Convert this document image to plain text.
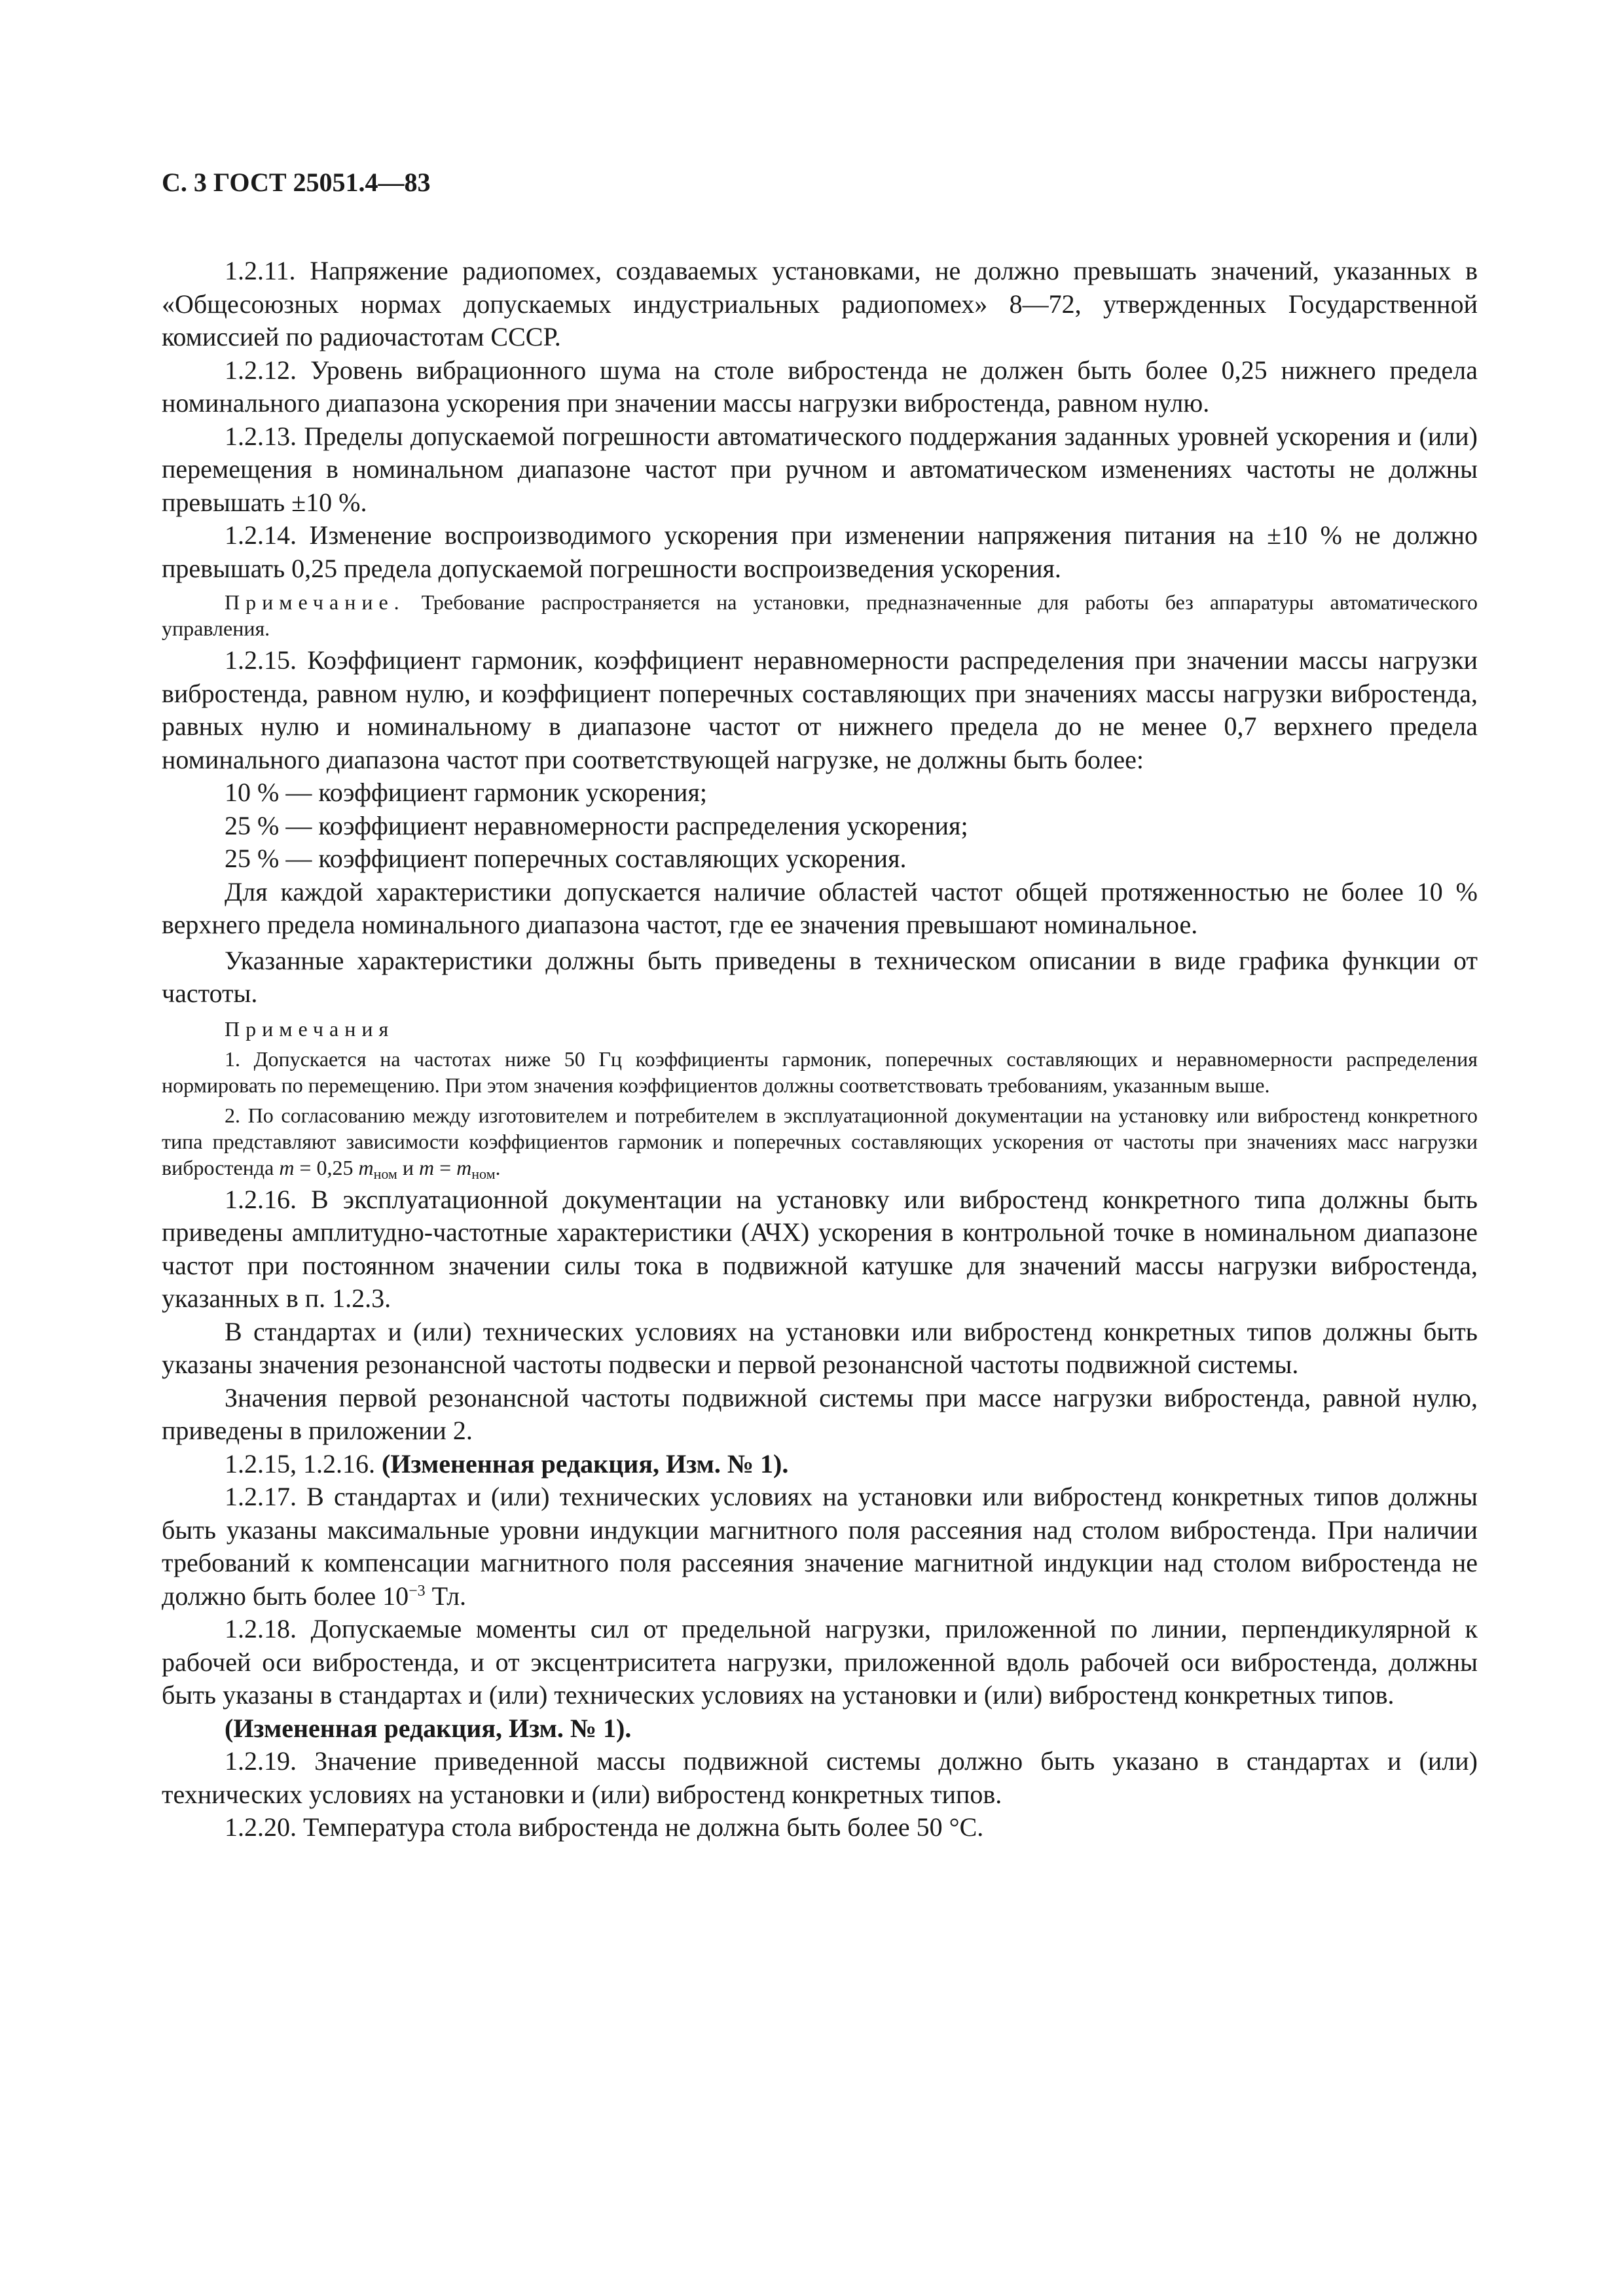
С. 3 ГОСТ 25051.4—83

1.2.11. Напряжение радиопомех, создаваемых установками, не должно превышать значений, указанных в «Общесоюзных нормах допускаемых индустриальных радиопомех» 8—72, утвержденных Государственной комиссией по радиочастотам СССР.

1.2.12. Уровень вибрационного шума на столе вибростенда не должен быть более 0,25 нижнего предела номинального диапазона ускорения при значении массы нагрузки вибростенда, равном нулю.

1.2.13. Пределы допускаемой погрешности автоматического поддержания заданных уровней ускорения и (или) перемещения в номинальном диапазоне частот при ручном и автоматическом изменениях частоты не должны превышать ±10 %.

1.2.14. Изменение воспроизводимого ускорения при изменении напряжения питания на ±10 % не должно превышать 0,25 предела допускаемой погрешности воспроизведения ускорения.

Примечание. Требование распространяется на установки, предназначенные для работы без аппаратуры автоматического управления.

1.2.15. Коэффициент гармоник, коэффициент неравномерности распределения при значении массы нагрузки вибростенда, равном нулю, и коэффициент поперечных составляющих при значениях массы нагрузки вибростенда, равных нулю и номинальному в диапазоне частот от нижнего предела до не менее 0,7 верхнего предела номинального диапазона частот при соответствующей нагрузке, не должны быть более:

10 % — коэффициент гармоник ускорения;

25 % — коэффициент неравномерности распределения ускорения;

25 % — коэффициент поперечных составляющих ускорения.

Для каждой характеристики допускается наличие областей частот общей протяженностью не более 10 % верхнего предела номинального диапазона частот, где ее значения превышают номинальное.

Указанные характеристики должны быть приведены в техническом описании в виде графика функции от частоты.

Примечания

1. Допускается на частотах ниже 50 Гц коэффициенты гармоник, поперечных составляющих и неравномерности распределения нормировать по перемещению. При этом значения коэффициентов должны соответствовать требованиям, указанным выше.

2. По согласованию между изготовителем и потребителем в эксплуатационной документации на установку или вибростенд конкретного типа представляют зависимости коэффициентов гармоник и поперечных составляющих ускорения от частоты при значениях масс нагрузки вибростенда m = 0,25 $m_{ном}$ и $m = m_{ном}$.

1.2.16. В эксплуатационной документации на установку или вибростенд конкретного типа должны быть приведены амплитудно-частотные характеристики (АЧХ) ускорения в контрольной точке в номинальном диапазоне частот при постоянном значении силы тока в подвижной катушке для значений массы нагрузки вибростенда, указанных в п. 1.2.3.

В стандартах и (или) технических условиях на установки или вибростенд конкретных типов должны быть указаны значения резонансной частоты подвески и первой резонансной частоты подвижной системы.

Значения первой резонансной частоты подвижной системы при массе нагрузки вибростенда, равной нулю, приведены в приложении 2.

1.2.15, 1.2.16. (Измененная редакция, Изм. № 1).

1.2.17. В стандартах и (или) технических условиях на установки или вибростенд конкретных типов должны быть указаны максимальные уровни индукции магнитного поля рассеяния над столом вибростенда. При наличии требований к компенсации магнитного поля рассеяния значение магнитной индукции над столом вибростенда не должно быть более $10^{-3}$ Тл.

1.2.18. Допускаемые моменты сил от предельной нагрузки, приложенной по линии, перпендикулярной к рабочей оси вибростенда, и от эксцентриситета нагрузки, приложенной вдоль рабочей оси вибростенда, должны быть указаны в стандартах и (или) технических условиях на установки и (или) вибростенд конкретных типов.

(Измененная редакция, Изм. № 1).

1.2.19. Значение приведенной массы подвижной системы должно быть указано в стандартах и (или) технических условиях на установки и (или) вибростенд конкретных типов.

1.2.20. Температура стола вибростенда не должна быть более 50 °С.
